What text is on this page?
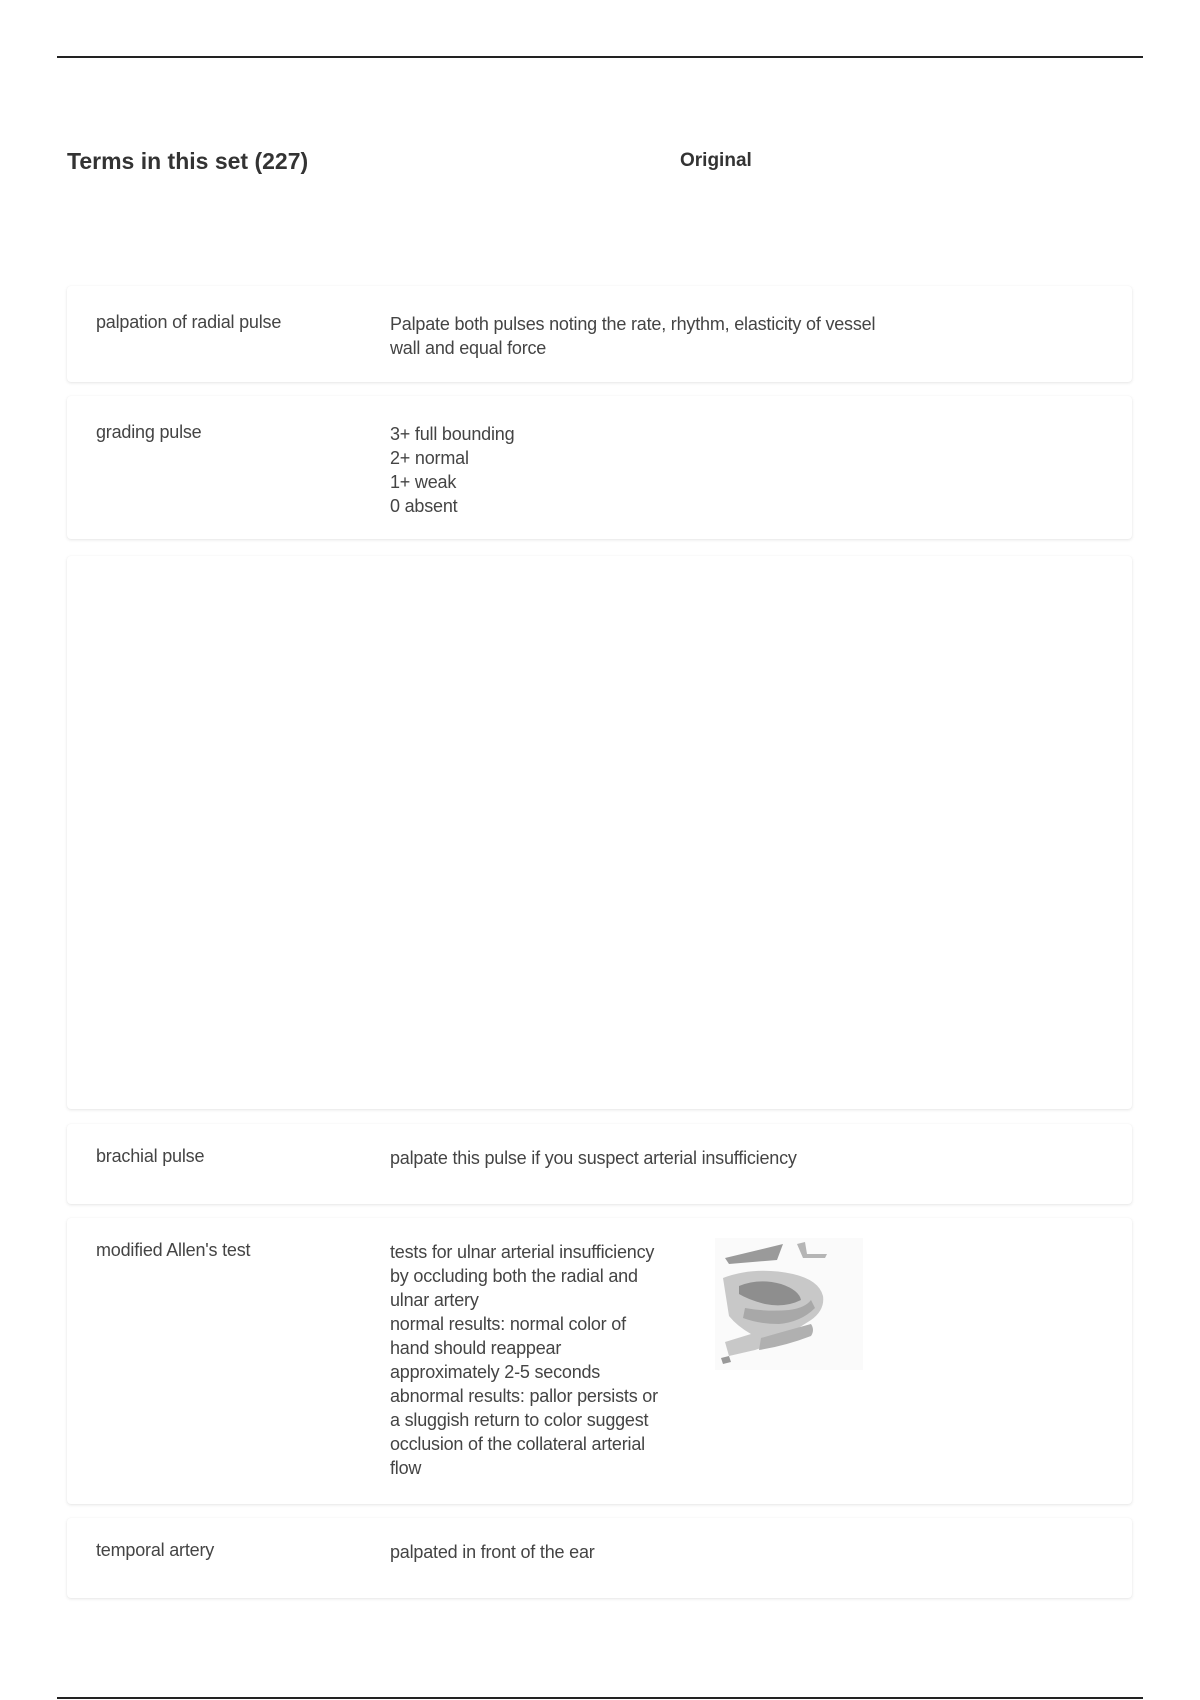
Terms in this set (227)	Original
palpation of radial pulse	Palpate both pulses noting the rate, rhythm, elasticity of vessel wall and equal force
grading pulse	3+ full bounding
2+ normal
1+ weak
0 absent
brachial pulse	palpate this pulse if you suspect arterial insufficiency
modified Allen's test	tests for ulnar arterial insufficiency by occluding both the radial and ulnar artery
normal results: normal color of hand should reappear approximately 2-5 seconds
abnormal results: pallor persists or a sluggish return to color suggest occlusion of the collateral arterial flow
temporal artery	palpated in front of the ear
